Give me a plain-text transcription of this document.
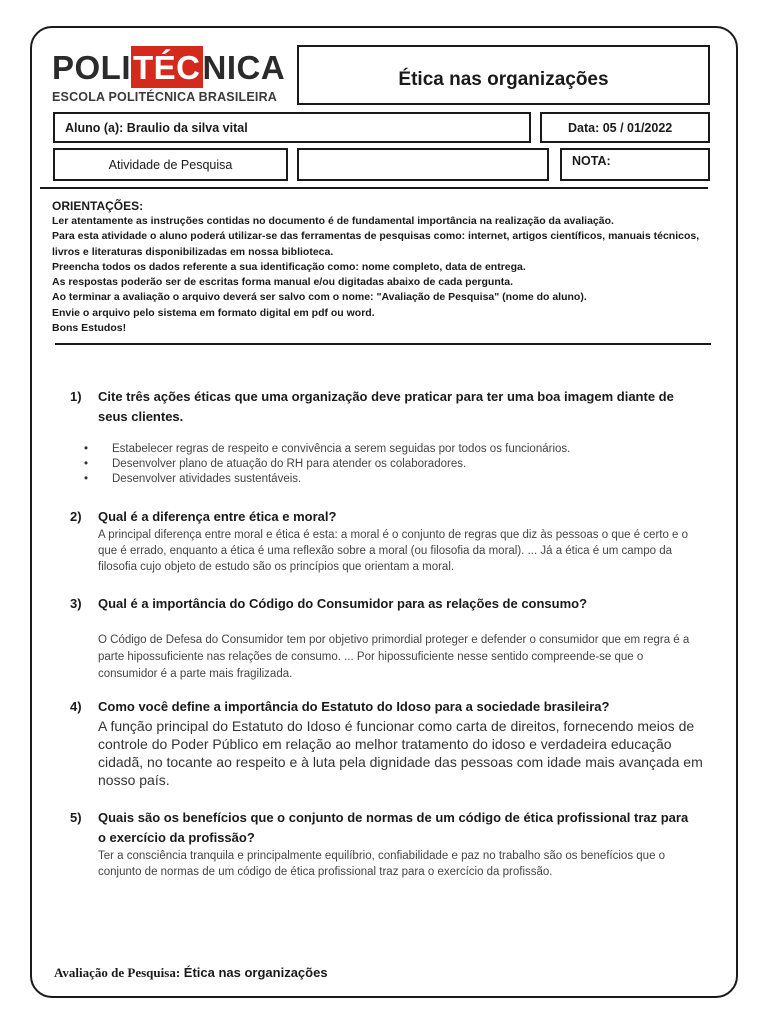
POLI TÉC NICA
ESCOLA POLITÉCNICA BRASILEIRA
Ética nas organizações
Aluno (a): Braulio da silva vital	Data: 05 / 01/2022
Atividade de Pesquisa	NOTA:
ORIENTAÇÕES:
Ler atentamente as instruções contidas no documento é de fundamental importância na realização da avaliação.
Para esta atividade o aluno poderá utilizar-se das ferramentas de pesquisas como: internet, artigos científicos, manuais técnicos, livros e literaturas disponibilizadas em nossa biblioteca.
Preencha todos os dados referente a sua identificação como: nome completo, data de entrega.
As respostas poderão ser de escritas forma manual e/ou digitadas abaixo de cada pergunta.
Ao terminar a avaliação o arquivo deverá ser salvo com o nome: "Avaliação de Pesquisa" (nome do aluno).
Envie o arquivo pelo sistema em formato digital em pdf ou word.
Bons Estudos!
1)	Cite três ações éticas que uma organização deve praticar para ter uma boa imagem diante de seus clientes.
• Estabelecer regras de respeito e convivência a serem seguidas por todos os funcionários.
• Desenvolver plano de atuação do RH para atender os colaboradores.
• Desenvolver atividades sustentáveis.
2)	Qual é a diferença entre ética e moral?
A principal diferença entre moral e ética é esta: a moral é o conjunto de regras que diz às pessoas o que é certo e o que é errado, enquanto a ética é uma reflexão sobre a moral (ou filosofia da moral). ... Já a ética é um campo da filosofia cujo objeto de estudo são os princípios que orientam a moral.
3)	Qual é a importância do Código do Consumidor para as relações de consumo?
O Código de Defesa do Consumidor tem por objetivo primordial proteger e defender o consumidor que em regra é a parte hipossuficiente nas relações de consumo. ... Por hipossuficiente nesse sentido compreende-se que o consumidor é a parte mais fragilizada.
4)	Como você define a importância do Estatuto do Idoso para a sociedade brasileira?
A função principal do Estatuto do Idoso é funcionar como carta de direitos, fornecendo meios de controle do Poder Público em relação ao melhor tratamento do idoso e verdadeira educação cidadã, no tocante ao respeito e à luta pela dignidade das pessoas com idade mais avançada em nosso país.
5)	Quais são os benefícios que o conjunto de normas de um código de ética profissional traz para o exercício da profissão?
Ter a consciência tranquila e principalmente equilíbrio, confiabilidade e paz no trabalho são os benefícios que o conjunto de normas de um código de ética profissional traz para o exercício da profissão.
Avaliação de Pesquisa: Ética nas organizações
